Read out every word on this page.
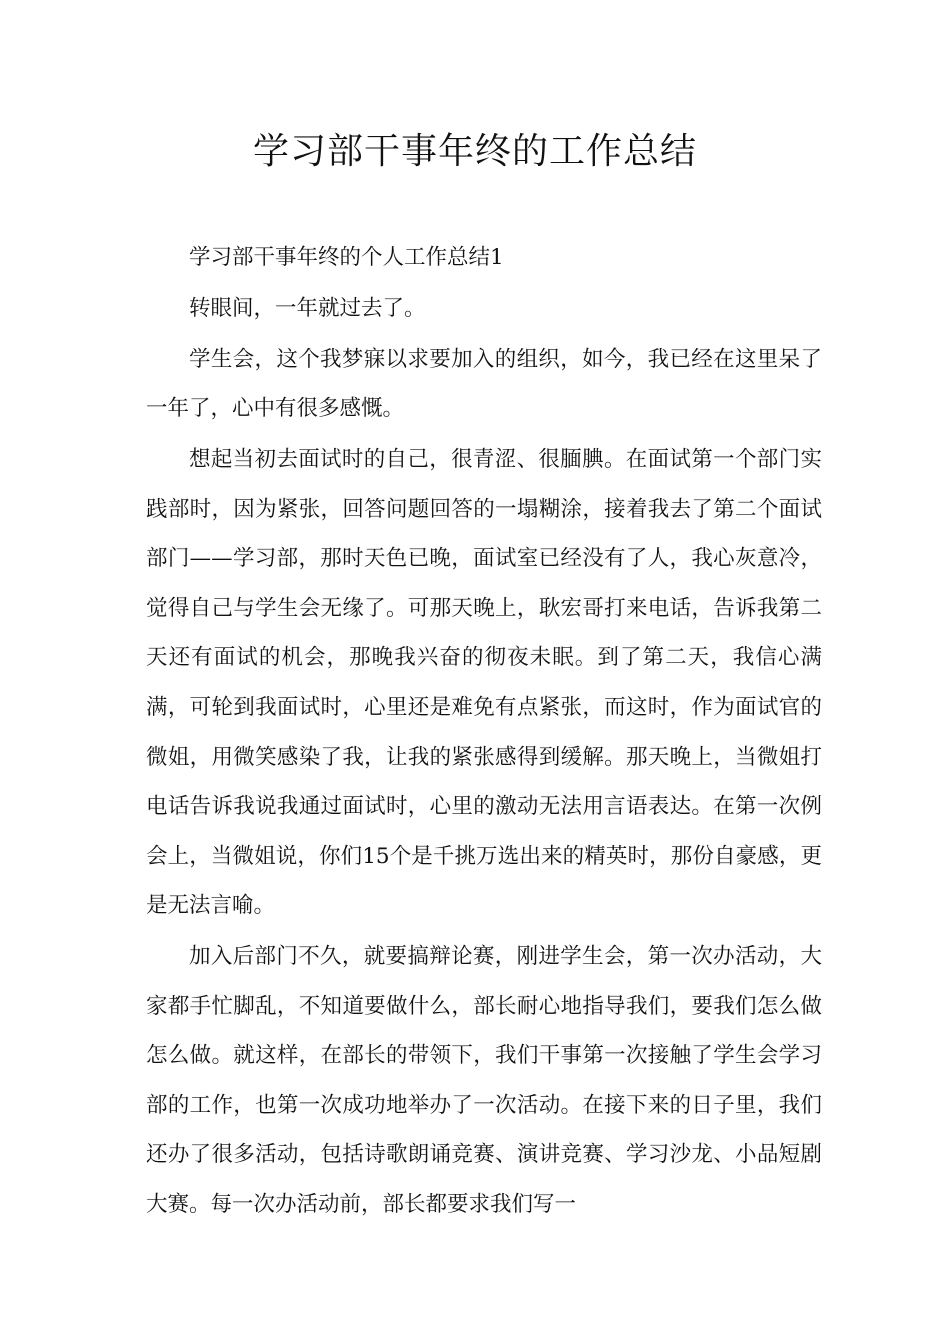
学习部干事年终的工作总结

学习部干事年终的个人工作总结1

转眼间，一年就过去了。

学生会，这个我梦寐以求要加入的组织，如今，我已经在这里呆了一年了，心中有很多感慨。

想起当初去面试时的自己，很青涩、很腼腆。在面试第一个部门实践部时，因为紧张，回答问题回答的一塌糊涂，接着我去了第二个面试部门——学习部，那时天色已晚，面试室已经没有了人，我心灰意冷，觉得自己与学生会无缘了。可那天晚上，耿宏哥打来电话，告诉我第二天还有面试的机会，那晚我兴奋的彻夜未眠。到了第二天，我信心满满，可轮到我面试时，心里还是难免有点紧张，而这时，作为面试官的微姐，用微笑感染了我，让我的紧张感得到缓解。那天晚上，当微姐打电话告诉我说我通过面试时，心里的激动无法用言语表达。在第一次例会上，当微姐说，你们15个是千挑万选出来的精英时，那份自豪感，更是无法言喻。

加入后部门不久，就要搞辩论赛，刚进学生会，第一次办活动，大家都手忙脚乱，不知道要做什么，部长耐心地指导我们，要我们怎么做怎么做。就这样，在部长的带领下，我们干事第一次接触了学生会学习部的工作，也第一次成功地举办了一次活动。在接下来的日子里，我们还办了很多活动，包括诗歌朗诵竞赛、演讲竞赛、学习沙龙、小品短剧大赛。每一次办活动前，部长都要求我们写一
